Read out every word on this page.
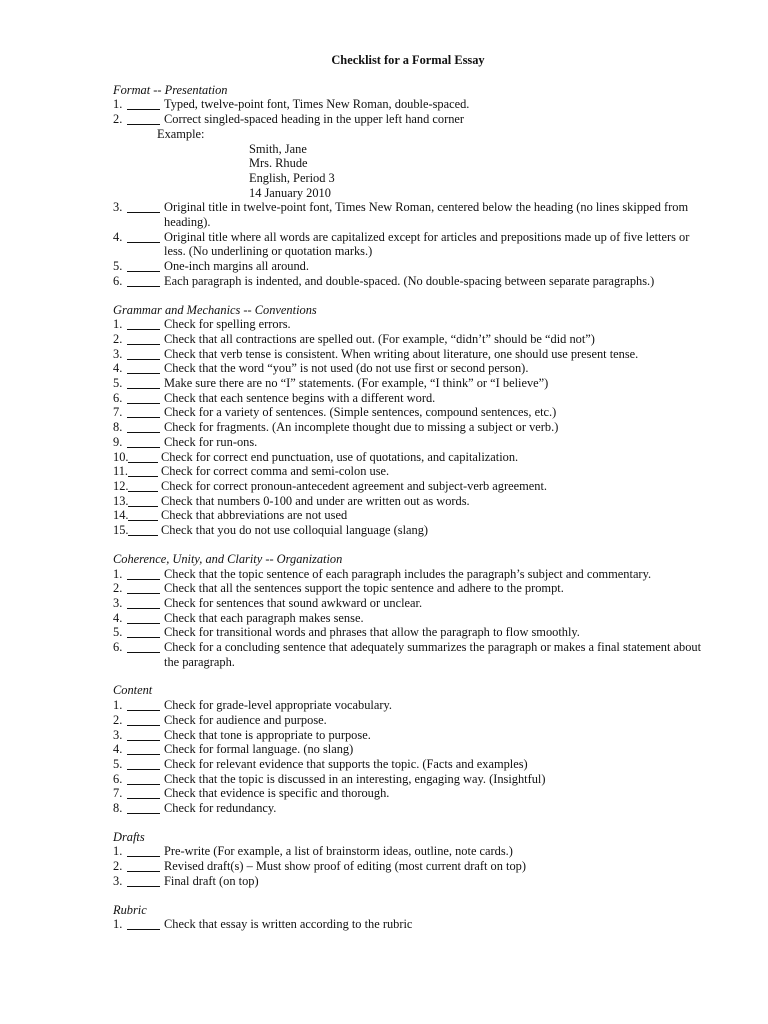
Checklist for a Formal Essay
Format -- Presentation
1.	Typed, twelve-point font, Times New Roman, double-spaced.
2.	Correct singled-spaced heading in the upper left hand corner
Example:
Smith, Jane
Mrs. Rhude
English, Period 3
14 January 2010
3.	Original title in twelve-point font, Times New Roman, centered below the heading (no lines skipped from heading).
4.	Original title where all words are capitalized except for articles and prepositions made up of five letters or less. (No underlining or quotation marks.)
5.	One-inch margins all around.
6.	Each paragraph is indented, and double-spaced. (No double-spacing between separate paragraphs.)
Grammar and Mechanics -- Conventions
1.	Check for spelling errors.
2.	Check that all contractions are spelled out. (For example, “didn’t” should be “did not”)
3.	Check that verb tense is consistent. When writing about literature, one should use present tense.
4.	Check that the word “you” is not used (do not use first or second person).
5.	Make sure there are no “I” statements. (For example, “I think” or “I believe”)
6.	Check that each sentence begins with a different word.
7.	Check for a variety of sentences. (Simple sentences, compound sentences, etc.)
8.	Check for fragments. (An incomplete thought due to missing a subject or verb.)
9.	Check for run-ons.
10.	Check for correct end punctuation, use of quotations, and capitalization.
11.	Check for correct comma and semi-colon use.
12.	Check for correct pronoun-antecedent agreement and subject-verb agreement.
13.	Check that numbers 0-100 and under are written out as words.
14.	Check that abbreviations are not used
15.	Check that you do not use colloquial language (slang)
Coherence, Unity, and Clarity -- Organization
1.	Check that the topic sentence of each paragraph includes the paragraph’s subject and commentary.
2.	Check that all the sentences support the topic sentence and adhere to the prompt.
3.	Check for sentences that sound awkward or unclear.
4.	Check that each paragraph makes sense.
5.	Check for transitional words and phrases that allow the paragraph to flow smoothly.
6.	Check for a concluding sentence that adequately summarizes the paragraph or makes a final statement about the paragraph.
Content
1.	Check for grade-level appropriate vocabulary.
2.	Check for audience and purpose.
3.	Check that tone is appropriate to purpose.
4.	Check for formal language. (no slang)
5.	Check for relevant evidence that supports the topic. (Facts and examples)
6.	Check that the topic is discussed in an interesting, engaging way. (Insightful)
7.	Check that evidence is specific and thorough.
8.	Check for redundancy.
Drafts
1.	Pre-write (For example, a list of brainstorm ideas, outline, note cards.)
2.	Revised draft(s) – Must show proof of editing (most current draft on top)
3.	Final draft (on top)
Rubric
1.	Check that essay is written according to the rubric
